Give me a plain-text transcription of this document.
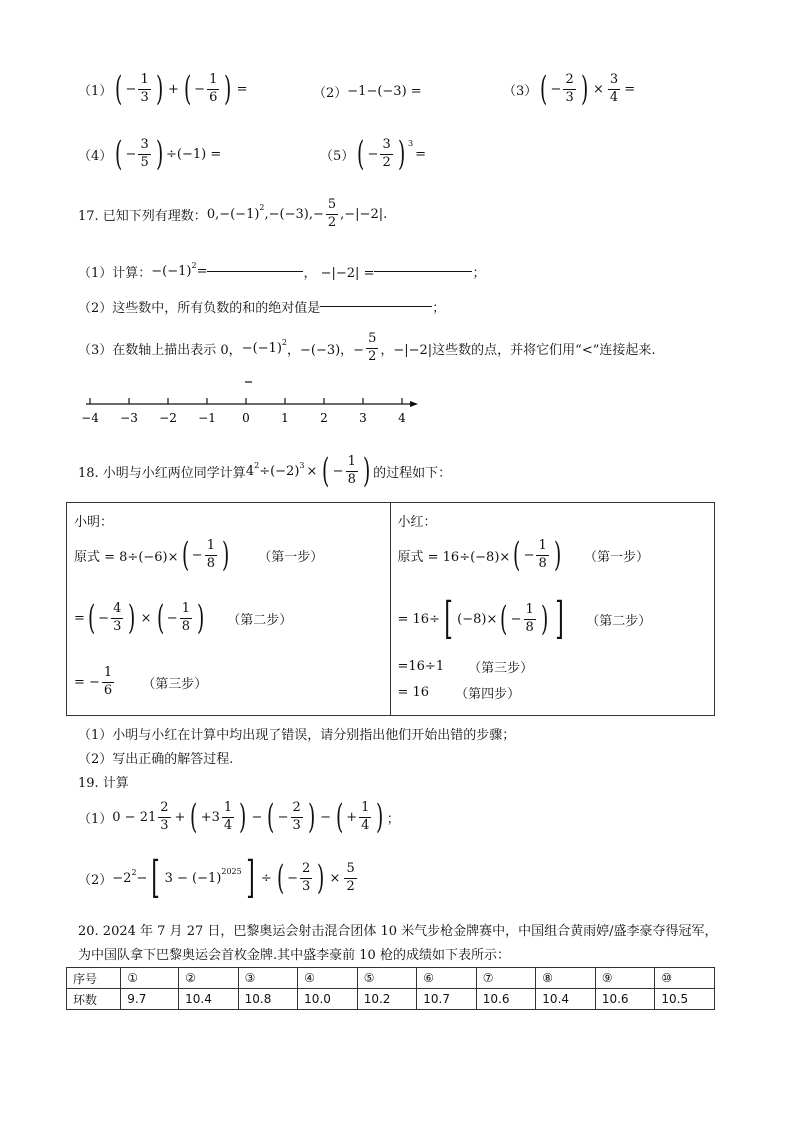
（1） ( − $\frac{1}{3}$ ) + ( − $\frac{1}{6}$ ) =	（2） −1−(−3) =	（3） ( − $\frac{2}{3}$ ) × $\frac{3}{4}$ =
（4） ( − $\frac{3}{5}$ ) ÷(−1) =	（5） ( − $\frac{3}{2}$ ) $^3$
=
17. 已知下列有理数： $0,-(-1)^2$ $,-(-3),- \frac{5}{2} ,-|-2|$.
（1）计算： $-(-1)^2$ =	， −|−2| =	；
（2）这些数中，所有负数的和的绝对值是	；
（3）在数轴上描出表示 0， $-(-1)^2$
，−(−3)，− $\frac{5}{2}$ ，−|−2|这些数的点，并将它们用“<”连接起来.
−4 −3 −2 −1 0	1	2	3	4
18. 小明与小红两位同学计算 $4^2 \div(-2)^3$ × ( − $\frac{1}{8}$ ) 的过程如下：
小明：
原式 = 8÷(−6)× ( − $\frac{1}{8}$ ) （第一步）
= ( − $\frac{4}{3}$ ) × ( − $\frac{1}{8}$ ) （第二步）
= − $\frac{1}{6}$ （第三步）

小红：
原式 = 16÷(−8)× ( − $\frac{1}{8}$ ) （第一步）
= 16÷ [ (−8)× ( − $\frac{1}{8}$ ) ] （第二步）
=16÷1 （第三步）
= 16 （第四步）
（1）小明与小红在计算中均出现了错误，请分别指出他们开始出错的步骤；
（2）写出正确的解答过程.
19. 计算
（1） $0 - 21 \frac{2}{3}$ + ( $+3 \frac{1}{4}$ ) − ( − $\frac{2}{3}$ ) − ( + $\frac{1}{4}$ ) ；
$(2) -2^2$ − [ $3 - (-1)^{2025}$ ] ÷ ( − $\frac{2}{3}$ ) × $\frac{5}{2}$
20. 2024 年 7 月 27 日，巴黎奥运会射击混合团体 10 米气步枪金牌赛中，中国组合黄雨婷/盛李豪夺得冠军，
为中国队拿下巴黎奥运会首枚金牌.其中盛李豪前 10 枪的成绩如下表所示：
序号	①	②	③	④	⑤	⑥	⑦	⑧	⑨	⑩
环数	9.7	10.4	10.8	10.0	10.2	10.7	10.6	10.4	10.6	10.5
